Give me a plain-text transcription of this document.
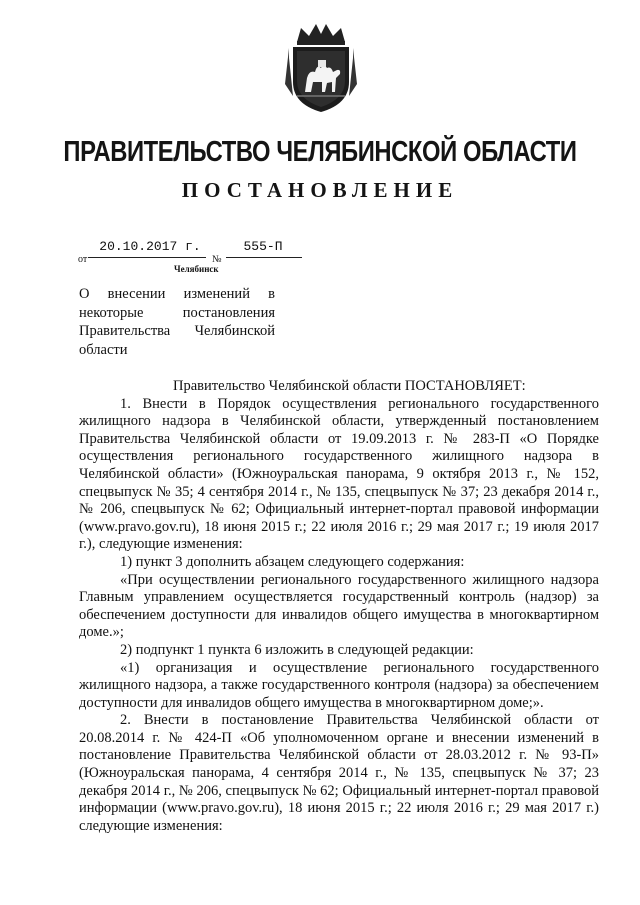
ПРАВИТЕЛЬСТВО ЧЕЛЯБИНСКОЙ ОБЛАСТИ
ПОСТАНОВЛЕНИЕ
от
20.10.2017 г.
№
555-П
Челябинск
О внесении изменений в некоторые постановления Правительства Челябинской области

Правительство Челябинской области ПОСТАНОВЛЯЕТ:

1. Внести в Порядок осуществления регионального государственного жилищного надзора в Челябинской области, утвержденный постановлением Правительства Челябинской области от 19.09.2013 г. № 283-П «О Порядке осуществления регионального государственного жилищного надзора в Челябинской области» (Южноуральская панорама, 9 октября 2013 г., № 152, спецвыпуск № 35; 4 сентября 2014 г., № 135, спецвыпуск № 37; 23 декабря 2014 г., № 206, спецвыпуск № 62; Официальный интернет-портал правовой информации (www.pravo.gov.ru), 18 июня 2015 г.; 22 июля 2016 г.; 29 мая 2017 г.; 19 июля 2017 г.), следующие изменения:

1) пункт 3 дополнить абзацем следующего содержания:

«При осуществлении регионального государственного жилищного надзора Главным управлением осуществляется государственный контроль (надзор) за обеспечением доступности для инвалидов общего имущества в многоквартирном доме.»;

2) подпункт 1 пункта 6 изложить в следующей редакции:

«1) организация и осуществление регионального государственного жилищного надзора, а также государственного контроля (надзора) за обеспечением доступности для инвалидов общего имущества в многоквартирном доме;».

2. Внести в постановление Правительства Челябинской области от 20.08.2014 г. № 424-П «Об уполномоченном органе и внесении изменений в постановление Правительства Челябинской области от 28.03.2012 г. № 93-П» (Южноуральская панорама, 4 сентября 2014 г., № 135, спецвыпуск № 37; 23 декабря 2014 г., № 206, спецвыпуск № 62; Официальный интернет-портал правовой информации (www.pravo.gov.ru), 18 июня 2015 г.; 22 июля 2016 г.; 29 мая 2017 г.) следующие изменения:
